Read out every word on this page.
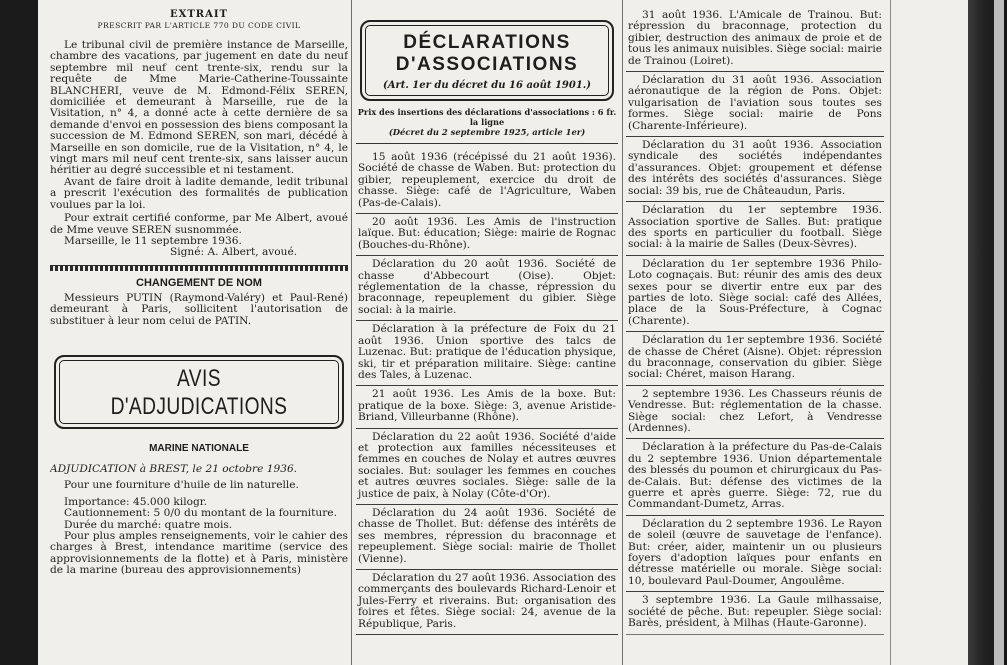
EXTRAIT

PRESCRIT PAR L'ARTICLE 770 DU CODE CIVIL

Le tribunal civil de première instance de Marseille, chambre des vacations, par jugement en date du neuf septembre mil neuf cent trente-six, rendu sur la requête de Mme Marie-Catherine-Toussainte BLANCHERI, veuve de M. Edmond-Félix SEREN, domiciliée et demeurant à Marseille, rue de la Visitation, n° 4, a donné acte à cette dernière de sa demande d'envoi en possession des biens composant la succession de M. Edmond SEREN, son mari, décédé à Marseille en son domicile, rue de la Visitation, n° 4, le vingt mars mil neuf cent trente-six, sans laisser aucun héritier au degré successible et ni testament.

Avant de faire droit à ladite demande, ledit tribunal a prescrit l'exécution des formalités de publication voulues par la loi.

Pour extrait certifié conforme, par Me Albert, avoué de Mme veuve SEREN susnommée.

Marseille, le 11 septembre 1936.

Signé: A. Albert, avoué.

CHANGEMENT DE NOM

Messieurs PUTIN (Raymond-Valéry) et Paul-René) demeurant à Paris, sollicitent l'autorisation de substituer à leur nom celui de PATIN.

AVIS D'ADJUDICATIONS

MARINE NATIONALE

ADJUDICATION à BREST, le 21 octobre 1936.

Pour une fourniture d'huile de lin naturelle.

Importance: 45.000 kilogr.

Cautionnement: 5 0/0 du montant de la fourniture.

Durée du marché: quatre mois.

Pour plus amples renseignements, voir le cahier des charges à Brest, intendance maritime (service des approvisionnements de la flotte) et à Paris, ministère de la marine (bureau des approvisionnements)

DÉCLARATIONS

D'ASSOCIATIONS

(Art. 1er du décret du 16 août 1901.)

Prix des insertions des déclarations d'associations : 6 fr. la ligne

(Décret du 2 septembre 1925, article 1er)

15 août 1936 (récépissé du 21 août 1936). Société de chasse de Waben. But: protection du gibier, repeuplement, exercice du droit de chasse. Siège: café de l'Agriculture, Waben (Pas-de-Calais).

20 août 1936. Les Amis de l'instruction laïque. But: éducation; Siège: mairie de Rognac (Bouches-du-Rhône).

Déclaration du 20 août 1936. Société de chasse d'Abbecourt (Oise). Objet: réglementation de la chasse, répression du braconnage, repeuplement du gibier. Siège social: à la mairie.

Déclaration à la préfecture de Foix du 21 août 1936. Union sportive des talcs de Luzenac. But: pratique de l'éducation physique, ski, tir et préparation militaire. Siège: cantine des Tales, à Luzenac.

21 août 1936. Les Amis de la boxe. But: pratique de la boxe. Siège: 3, avenue Aristide-Briand, Villeurbanne (Rhône).

Déclaration du 22 août 1936. Société d'aide et protection aux familles nécessiteuses et femmes en couches de Nolay et autres œuvres sociales. But: soulager les femmes en couches et autres œuvres sociales. Siège: salle de la justice de paix, à Nolay (Côte-d'Or).

Déclaration du 24 août 1936. Société de chasse de Thollet. But: défense des intérêts de ses membres, répression du braconnage et repeuplement. Siège social: mairie de Thollet (Vienne).

Déclaration du 27 août 1936. Association des commerçants des boulevards Richard-Lenoir et Jules-Ferry et riverains. But: organisation des foires et fêtes. Siège social: 24, avenue de la République, Paris.

31 août 1936. L'Amicale de Trainou. But: répression du braconnage, protection du gibier, destruction des animaux de proie et de tous les animaux nuisibles. Siège social: mairie de Trainou (Loiret).

Déclaration du 31 août 1936. Association aéronautique de la région de Pons. Objet: vulgarisation de l'aviation sous toutes ses formes. Siège social: mairie de Pons (Charente-Inférieure).

Déclaration du 31 août 1936. Association syndicale des sociétés indépendantes d'assurances. Objet: groupement et défense des intérêts des sociétés d'assurances. Siège social: 39 bis, rue de Châteaudun, Paris.

Déclaration du 1er septembre 1936. Association sportive de Salles. But: pratique des sports en particulier du football. Siège social: à la mairie de Salles (Deux-Sèvres).

Déclaration du 1er septembre 1936 Philo-Loto cognaçais. But: réunir des amis des deux sexes pour se divertir entre eux par des parties de loto. Siège social: café des Allées, place de la Sous-Préfecture, à Cognac (Charente).

Déclaration du 1er septembre 1936. Société de chasse de Chéret (Aisne). Objet: répression du braconnage, conservation du gibier. Siège social: Chéret, maison Harang.

2 septembre 1936. Les Chasseurs réunis de Vendresse. But: réglementation de la chasse. Siège social: chez Lefort, à Vendresse (Ardennes).

Déclaration à la préfecture du Pas-de-Calais du 2 septembre 1936. Union départementale des blessés du poumon et chirurgicaux du Pas-de-Calais. But: défense des victimes de la guerre et après guerre. Siège: 72, rue du Commandant-Dumetz, Arras.

Déclaration du 2 septembre 1936. Le Rayon de soleil (œuvre de sauvetage de l'enfance). But: créer, aider, maintenir un ou plusieurs foyers d'adoption laïques pour enfants en détresse matérielle ou morale. Siège social: 10, boulevard Paul-Doumer, Angoulême.

3 septembre 1936. La Gaule milhassaise, société de pêche. But: repeupler. Siège social: Barès, président, à Milhas (Haute-Garonne).
